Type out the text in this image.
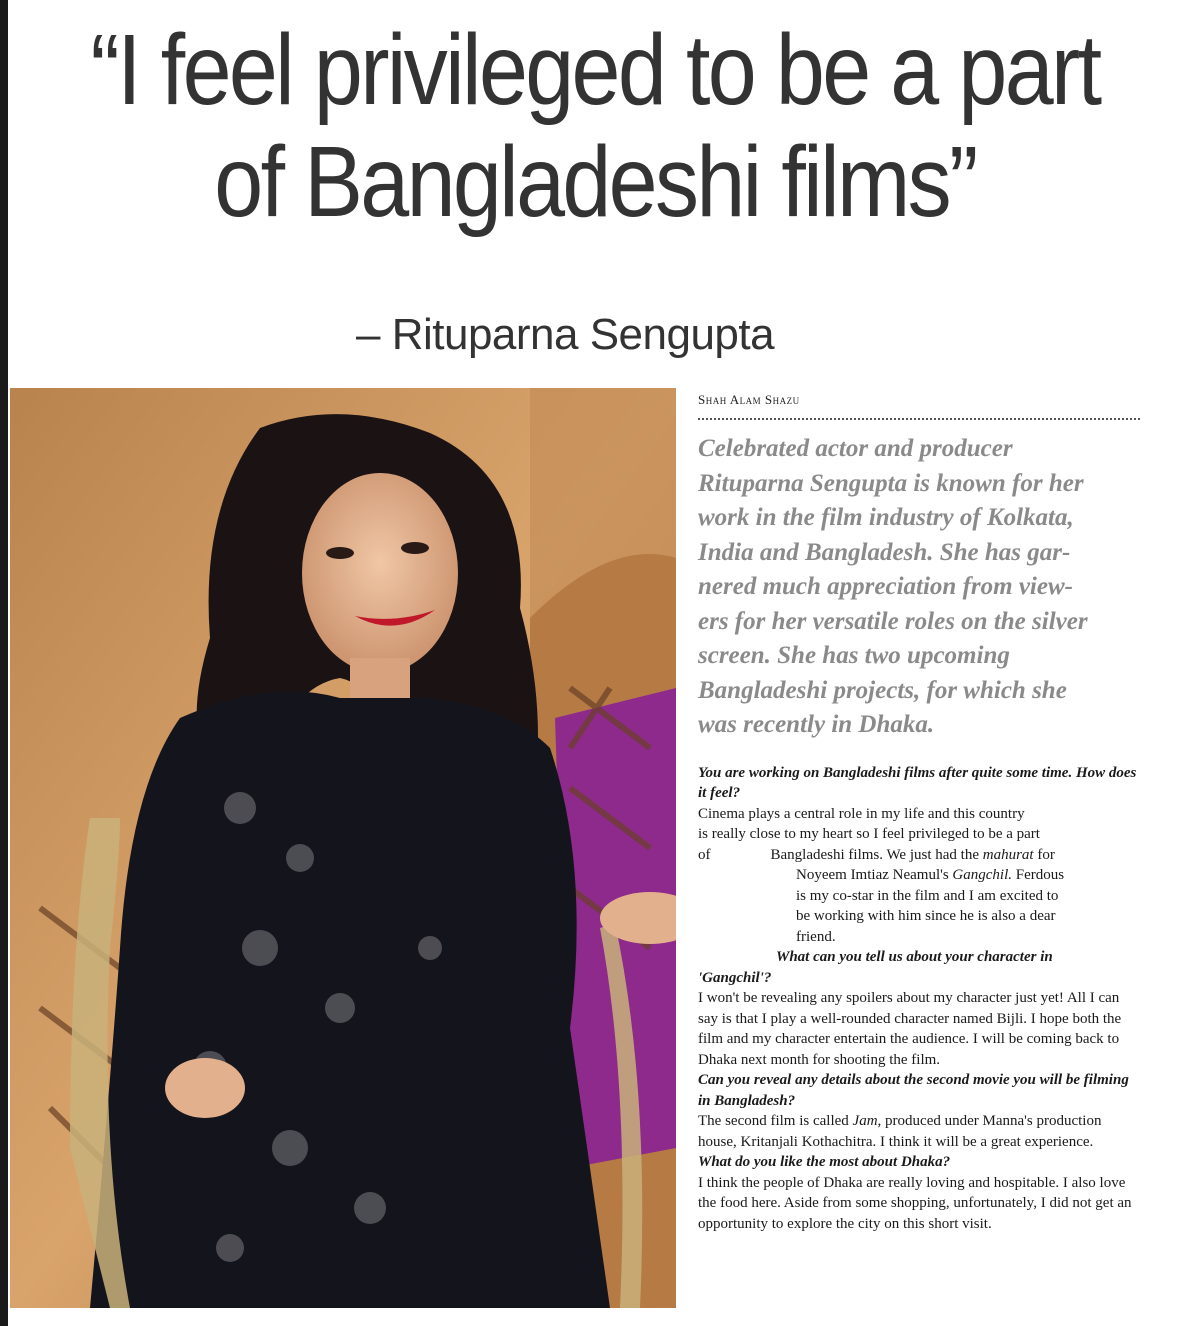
“I feel privileged to be a part
of Bangladeshi films”
– Rituparna Sengupta
Shah Alam Shazu
Celebrated actor and producer
Rituparna Sengupta is known for her
work in the film industry of Kolkata,
India and Bangladesh. She has gar-
nered much appreciation from view-
ers for her versatile roles on the silver
screen. She has two upcoming
Bangladeshi projects, for which she
was recently in Dhaka.
You are working on Bangladeshi films after quite some time. How does it feel?
Cinema plays a central role in my life and this country
is really close to my heart so I feel privileged to be a part
of	Bangladeshi films. We just had the mahurat for
Noyeem Imtiaz Neamul's Gangchil. Ferdous
is my co-star in the film and I am excited to
be working with him since he is also a dear
friend.
What can you tell us about your character in
'Gangchil'?
I won't be revealing any spoilers about my character just yet! All I can say is that I play a well-rounded character named Bijli. I hope both the film and my character entertain the audience. I will be coming back to Dhaka next month for shooting the film.
Can you reveal any details about the second movie you will be filming in Bangladesh?
The second film is called Jam, produced under Manna's production house, Kritanjali Kothachitra. I think it will be a great experience.
What do you like the most about Dhaka?
I think the people of Dhaka are really loving and hospitable. I also love the food here. Aside from some shopping, unfortunately, I did not get an opportunity to explore the city on this short visit.
